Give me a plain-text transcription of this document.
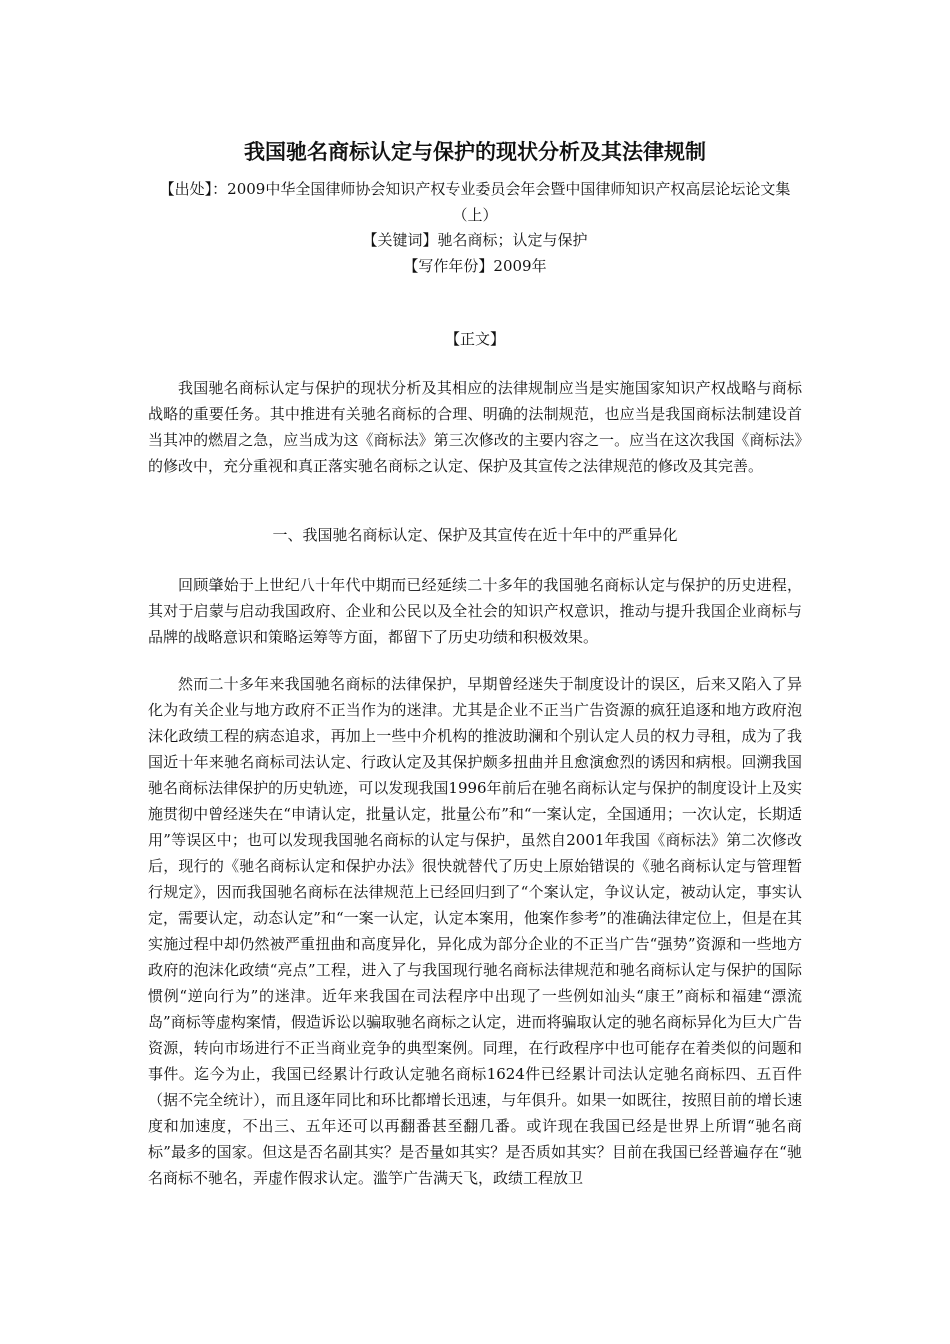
我国驰名商标认定与保护的现状分析及其法律规制

【出处】：2009中华全国律师协会知识产权专业委员会年会暨中国律师知识产权高层论坛论文集（上）

【关键词】驰名商标；认定与保护

【写作年份】2009年

【正文】

我国驰名商标认定与保护的现状分析及其相应的法律规制应当是实施国家知识产权战略与商标战略的重要任务。其中推进有关驰名商标的合理、明确的法制规范，也应当是我国商标法制建设首当其冲的燃眉之急，应当成为这《商标法》第三次修改的主要内容之一。应当在这次我国《商标法》的修改中，充分重视和真正落实驰名商标之认定、保护及其宣传之法律规范的修改及其完善。

一、我国驰名商标认定、保护及其宣传在近十年中的严重异化

回顾肇始于上世纪八十年代中期而已经延续二十多年的我国驰名商标认定与保护的历史进程，其对于启蒙与启动我国政府、企业和公民以及全社会的知识产权意识，推动与提升我国企业商标与品牌的战略意识和策略运筹等方面，都留下了历史功绩和积极效果。

然而二十多年来我国驰名商标的法律保护，早期曾经迷失于制度设计的误区，后来又陷入了异化为有关企业与地方政府不正当作为的迷津。尤其是企业不正当广告资源的疯狂追逐和地方政府泡沫化政绩工程的病态追求，再加上一些中介机构的推波助澜和个别认定人员的权力寻租，成为了我国近十年来驰名商标司法认定、行政认定及其保护颇多扭曲并且愈演愈烈的诱因和病根。回溯我国驰名商标法律保护的历史轨迹，可以发现我国1996年前后在驰名商标认定与保护的制度设计上及实施贯彻中曾经迷失在“申请认定，批量认定，批量公布”和“一案认定，全国通用；一次认定，长期适用”等误区中；也可以发现我国驰名商标的认定与保护，虽然自2001年我国《商标法》第二次修改后，现行的《驰名商标认定和保护办法》很快就替代了历史上原始错误的《驰名商标认定与管理暂行规定》，因而我国驰名商标在法律规范上已经回归到了“个案认定，争议认定，被动认定，事实认定，需要认定，动态认定”和“一案一认定，认定本案用，他案作参考”的准确法律定位上，但是在其实施过程中却仍然被严重扭曲和高度异化，异化成为部分企业的不正当广告“强势”资源和一些地方政府的泡沫化政绩“亮点”工程，进入了与我国现行驰名商标法律规范和驰名商标认定与保护的国际惯例“逆向行为”的迷津。近年来我国在司法程序中出现了一些例如汕头“康王”商标和福建“漂流岛”商标等虚构案情，假造诉讼以骗取驰名商标之认定，进而将骗取认定的驰名商标异化为巨大广告资源，转向市场进行不正当商业竞争的典型案例。同理，在行政程序中也可能存在着类似的问题和事件。迄今为止，我国已经累计行政认定驰名商标1624件已经累计司法认定驰名商标四、五百件（据不完全统计），而且逐年同比和环比都增长迅速，与年俱升。如果一如既往，按照目前的增长速度和加速度，不出三、五年还可以再翻番甚至翻几番。或许现在我国已经是世界上所谓“驰名商标”最多的国家。但这是否名副其实？是否量如其实？是否质如其实？目前在我国已经普遍存在“驰名商标不驰名，弄虚作假求认定。滥竽广告满天飞，政绩工程放卫
